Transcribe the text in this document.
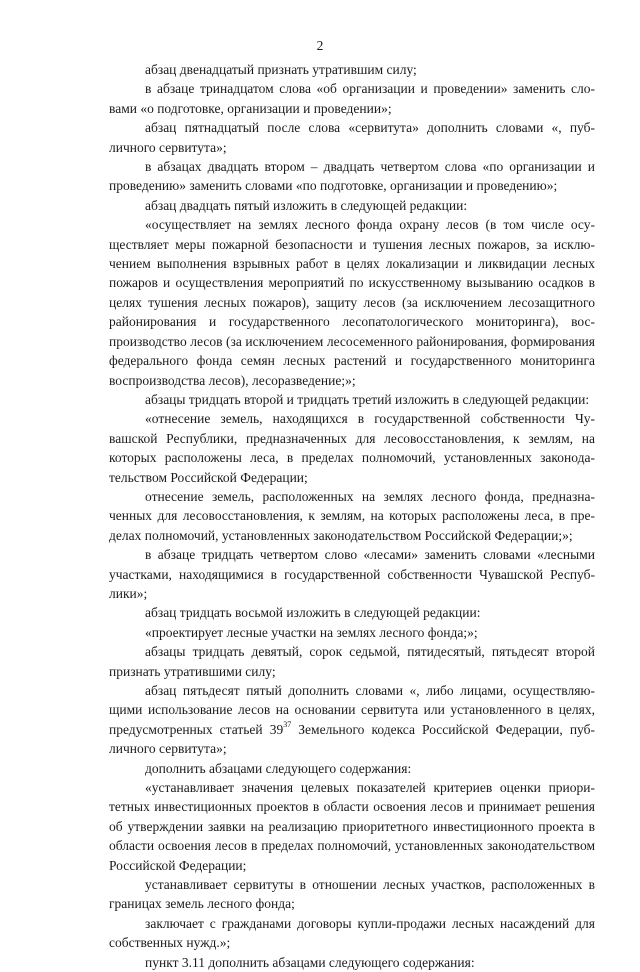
2

абзац двенадцатый признать утратившим силу;

в абзаце тринадцатом слова «об организации и проведении» заменить словами «о подготовке, организации и проведении»;

абзац пятнадцатый после слова «сервитута» дополнить словами «, публичного сервитута»;

в абзацах двадцать втором – двадцать четвертом слова «по организации и проведению» заменить словами «по подготовке, организации и проведению»;

абзац двадцать пятый изложить в следующей редакции:

«осуществляет на землях лесного фонда охрану лесов (в том числе осуществляет меры пожарной безопасности и тушения лесных пожаров, за исключением выполнения взрывных работ в целях локализации и ликвидации лесных пожаров и осуществления мероприятий по искусственному вызыванию осадков в целях тушения лесных пожаров), защиту лесов (за исключением лесозащитного районирования и государственного лесопатологического мониторинга), воспроизводство лесов (за исключением лесосеменного районирования, формирования федерального фонда семян лесных растений и государственного мониторинга воспроизводства лесов), лесоразведение;»;

абзацы тридцать второй и тридцать третий изложить в следующей редакции:

«отнесение земель, находящихся в государственной собственности Чувашской Республики, предназначенных для лесовосстановления, к землям, на которых расположены леса, в пределах полномочий, установленных законодательством Российской Федерации;

отнесение земель, расположенных на землях лесного фонда, предназначенных для лесовосстановления, к землям, на которых расположены леса, в пределах полномочий, установленных законодательством Российской Федерации;»;

в абзаце тридцать четвертом слово «лесами» заменить словами «лесными участками, находящимися в государственной собственности Чувашской Республики»;

абзац тридцать восьмой изложить в следующей редакции:

«проектирует лесные участки на землях лесного фонда;»;

абзацы тридцать девятый, сорок седьмой, пятидесятый, пятьдесят второй признать утратившими силу;

абзац пятьдесят пятый дополнить словами «, либо лицами, осуществляющими использование лесов на основании сервитута или установленного в целях, предусмотренных статьей $39^{37}$ Земельного кодекса Российской Федерации, публичного сервитута»;

дополнить абзацами следующего содержания:

«устанавливает значения целевых показателей критериев оценки приоритетных инвестиционных проектов в области освоения лесов и принимает решения об утверждении заявки на реализацию приоритетного инвестиционного проекта в области освоения лесов в пределах полномочий, установленных законодательством Российской Федерации;

устанавливает сервитуты в отношении лесных участков, расположенных в границах земель лесного фонда;

заключает с гражданами договоры купли-продажи лесных насаждений для собственных нужд.»;

пункт 3.11 дополнить абзацами следующего содержания:
